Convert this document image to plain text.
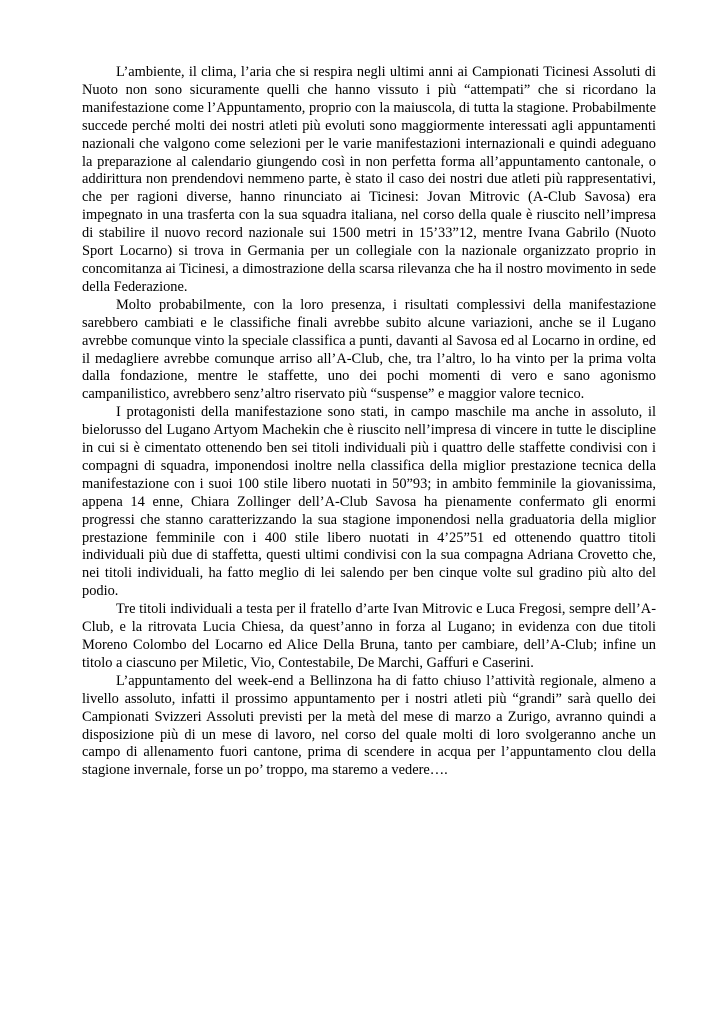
L’ambiente, il clima, l’aria che si respira negli ultimi anni ai Campionati Ticinesi Assoluti di Nuoto non sono sicuramente quelli che hanno vissuto i più “attempati” che si ricordano la manifestazione come l’Appuntamento, proprio con la maiuscola, di tutta la stagione. Probabilmente succede perché molti dei nostri atleti più evoluti sono maggiormente interessati agli appuntamenti nazionali che valgono come selezioni per le varie manifestazioni internazionali e quindi adeguano la preparazione al calendario giungendo così in non perfetta forma all’appuntamento cantonale, o addirittura non prendendovi nemmeno parte, è stato il caso dei nostri due atleti più rappresentativi, che per ragioni diverse, hanno rinunciato ai Ticinesi: Jovan Mitrovic (A-Club Savosa) era impegnato in una trasferta con la sua squadra italiana, nel corso della quale è riuscito nell’impresa di stabilire il nuovo record nazionale sui 1500 metri in 15’33”12, mentre Ivana Gabrilo (Nuoto Sport Locarno) si trova in Germania per un collegiale con la nazionale organizzato proprio in concomitanza ai Ticinesi, a dimostrazione della scarsa rilevanza che ha il nostro movimento in sede della Federazione.

Molto probabilmente, con la loro presenza, i risultati complessivi della manifestazione sarebbero cambiati e le classifiche finali avrebbe subito alcune variazioni, anche se il Lugano avrebbe comunque vinto la speciale classifica a punti, davanti al Savosa ed al Locarno in ordine, ed il medagliere avrebbe comunque arriso all’A-Club, che, tra l’altro, lo ha vinto per la prima volta dalla fondazione, mentre le staffette, uno dei pochi momenti di vero e sano agonismo campanilistico, avrebbero senz’altro riservato più “suspense” e maggior valore tecnico.

I protagonisti della manifestazione sono stati, in campo maschile ma anche in assoluto, il bielorusso del Lugano Artyom Machekin che è riuscito nell’impresa di vincere in tutte le discipline in cui si è cimentato ottenendo ben sei titoli individuali più i quattro delle staffette condivisi con i compagni di squadra, imponendosi inoltre nella classifica della miglior prestazione tecnica della manifestazione con i suoi 100 stile libero nuotati in 50”93; in ambito femminile la giovanissima, appena 14 enne, Chiara Zollinger dell’A-Club Savosa ha pienamente confermato gli enormi progressi che stanno caratterizzando la sua stagione imponendosi nella graduatoria della miglior prestazione femminile con i 400 stile libero nuotati in 4’25”51 ed ottenendo quattro titoli individuali più due di staffetta, questi ultimi condivisi con la sua compagna Adriana Crovetto che, nei titoli individuali, ha fatto meglio di lei salendo per ben cinque volte sul gradino più alto del podio.

Tre titoli individuali a testa per il fratello d’arte Ivan Mitrovic e Luca Fregosi, sempre dell’A-Club, e la ritrovata Lucia Chiesa, da quest’anno in forza al Lugano; in evidenza con due titoli Moreno Colombo del Locarno ed Alice Della Bruna, tanto per cambiare, dell’A-Club; infine un titolo a ciascuno per Miletic, Vio, Contestabile, De Marchi, Gaffuri e Caserini.

L’appuntamento del week-end a Bellinzona ha di fatto chiuso l’attività regionale, almeno a livello assoluto, infatti il prossimo appuntamento per i nostri atleti più “grandi” sarà quello dei Campionati Svizzeri Assoluti previsti per la metà del mese di marzo a Zurigo, avranno quindi a disposizione più di un mese di lavoro, nel corso del quale molti di loro svolgeranno anche un campo di allenamento fuori cantone, prima di scendere in acqua per l’appuntamento clou della stagione invernale, forse un po’ troppo, ma staremo a vedere….
